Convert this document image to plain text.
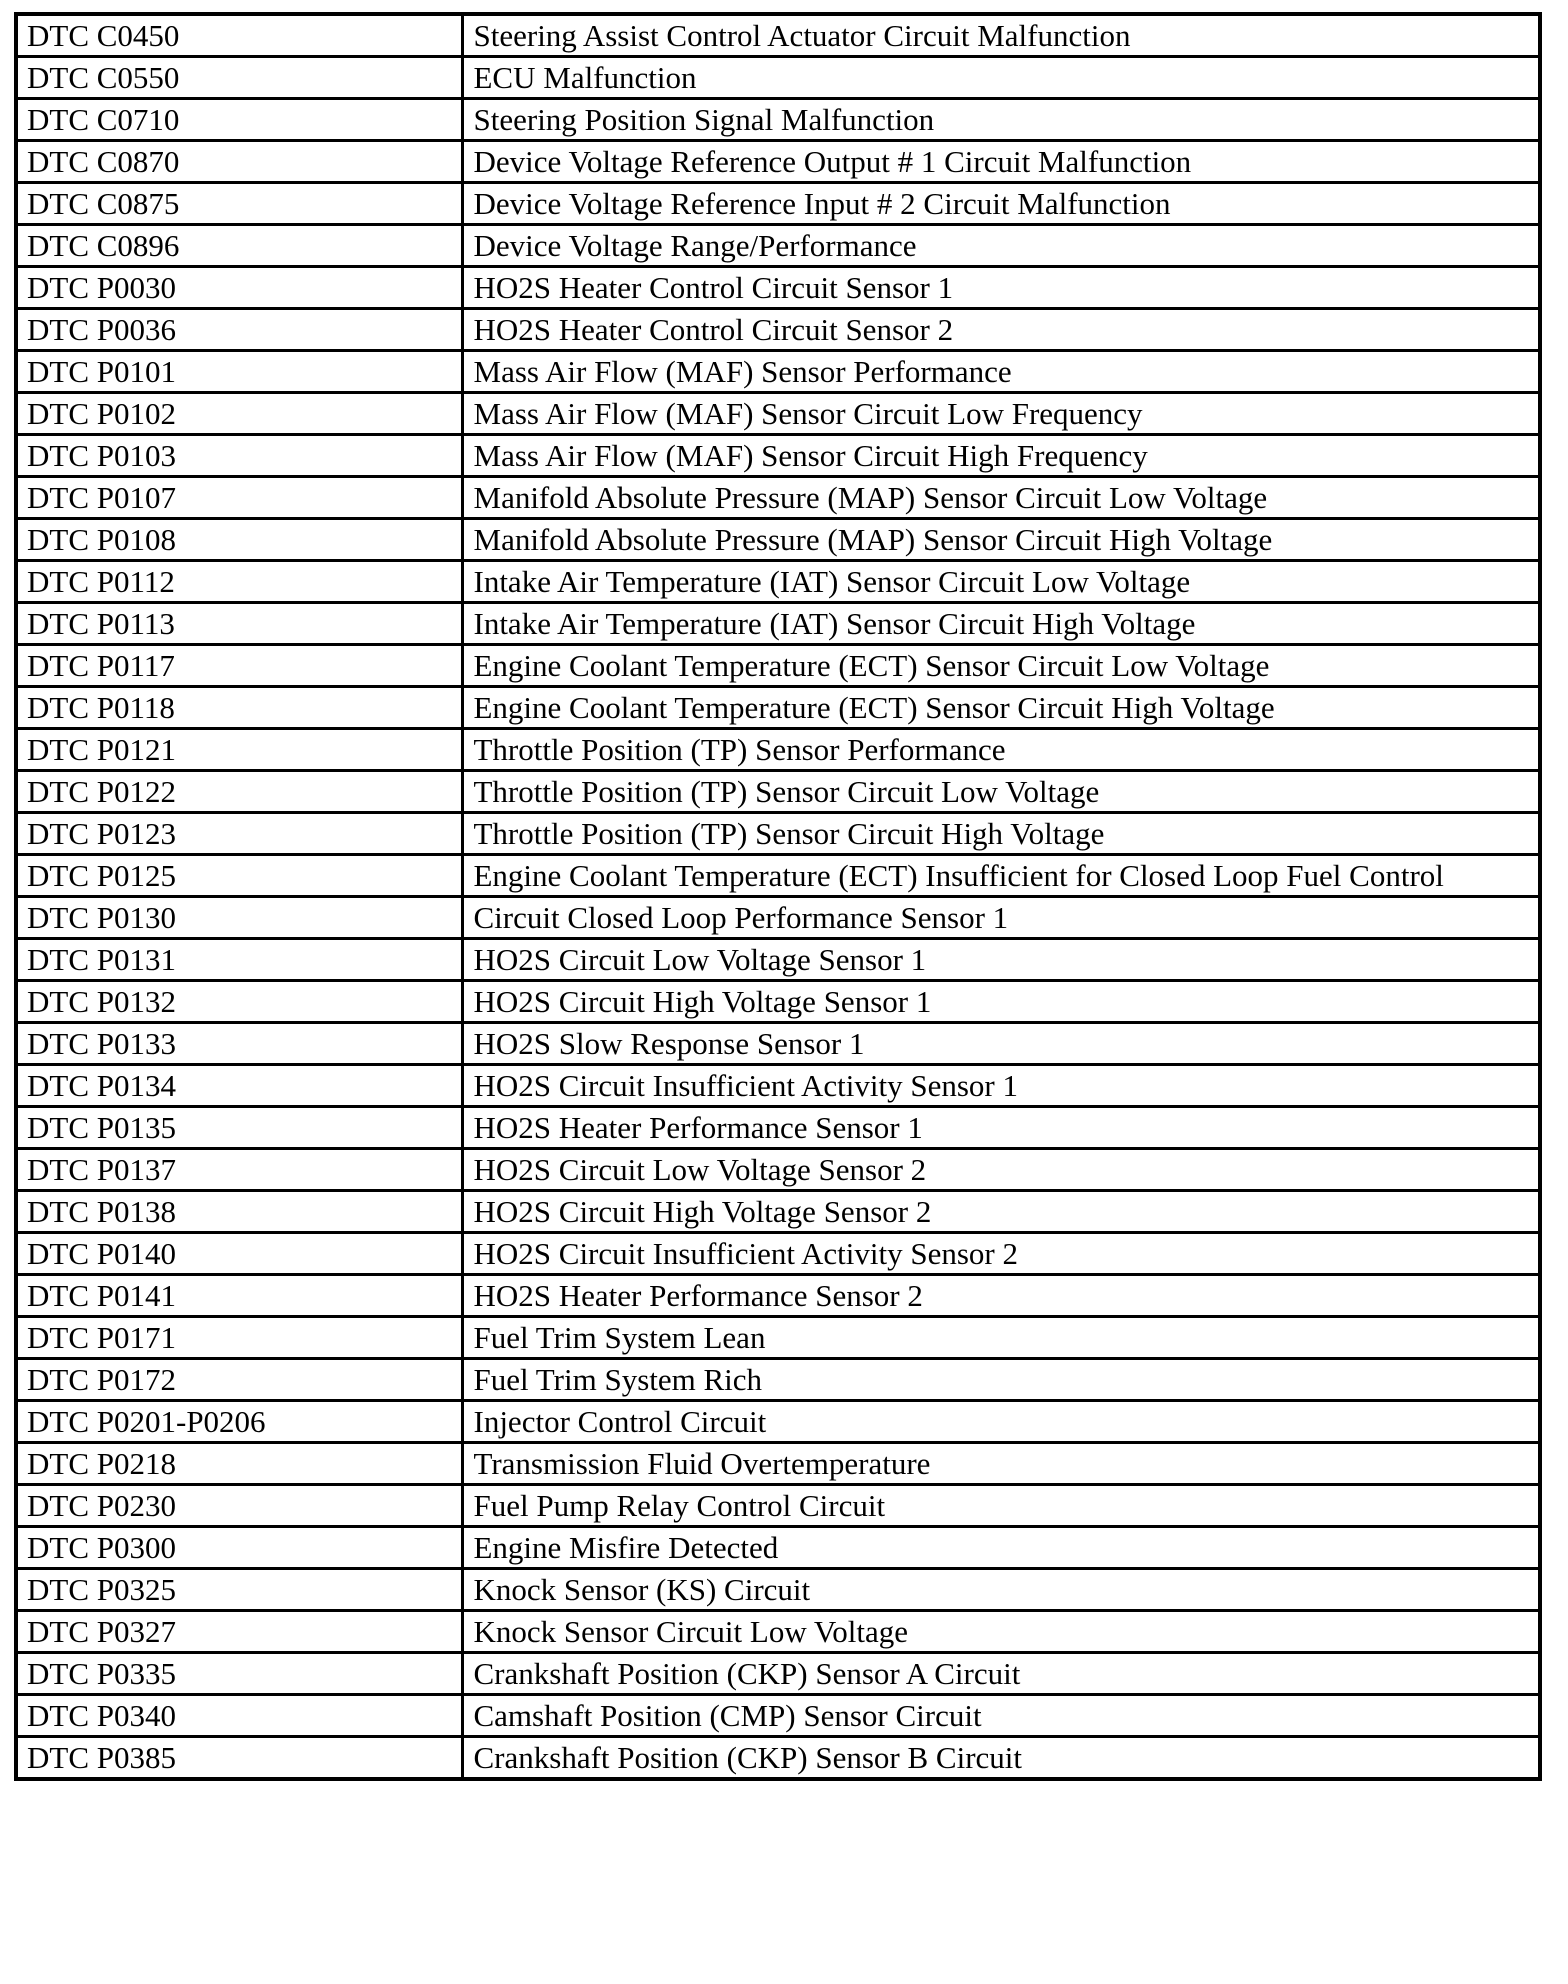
DTC C0450	Steering Assist Control Actuator Circuit Malfunction
DTC C0550	ECU Malfunction
DTC C0710	Steering Position Signal Malfunction
DTC C0870	Device Voltage Reference Output # 1 Circuit Malfunction
DTC C0875	Device Voltage Reference Input # 2 Circuit Malfunction
DTC C0896	Device Voltage Range/Performance
DTC P0030	HO2S Heater Control Circuit Sensor 1
DTC P0036	HO2S Heater Control Circuit Sensor 2
DTC P0101	Mass Air Flow (MAF) Sensor Performance
DTC P0102	Mass Air Flow (MAF) Sensor Circuit Low Frequency
DTC P0103	Mass Air Flow (MAF) Sensor Circuit High Frequency
DTC P0107	Manifold Absolute Pressure (MAP) Sensor Circuit Low Voltage
DTC P0108	Manifold Absolute Pressure (MAP) Sensor Circuit High Voltage
DTC P0112	Intake Air Temperature (IAT) Sensor Circuit Low Voltage
DTC P0113	Intake Air Temperature (IAT) Sensor Circuit High Voltage
DTC P0117	Engine Coolant Temperature (ECT) Sensor Circuit Low Voltage
DTC P0118	Engine Coolant Temperature (ECT) Sensor Circuit High Voltage
DTC P0121	Throttle Position (TP) Sensor Performance
DTC P0122	Throttle Position (TP) Sensor Circuit Low Voltage
DTC P0123	Throttle Position (TP) Sensor Circuit High Voltage
DTC P0125	Engine Coolant Temperature (ECT) Insufficient for Closed Loop Fuel Control
DTC P0130	Circuit Closed Loop Performance Sensor 1
DTC P0131	HO2S Circuit Low Voltage Sensor 1
DTC P0132	HO2S Circuit High Voltage Sensor 1
DTC P0133	HO2S Slow Response Sensor 1
DTC P0134	HO2S Circuit Insufficient Activity Sensor 1
DTC P0135	HO2S Heater Performance Sensor 1
DTC P0137	HO2S Circuit Low Voltage Sensor 2
DTC P0138	HO2S Circuit High Voltage Sensor 2
DTC P0140	HO2S Circuit Insufficient Activity Sensor 2
DTC P0141	HO2S Heater Performance Sensor 2
DTC P0171	Fuel Trim System Lean
DTC P0172	Fuel Trim System Rich
DTC P0201-P0206	Injector Control Circuit
DTC P0218	Transmission Fluid Overtemperature
DTC P0230	Fuel Pump Relay Control Circuit
DTC P0300	Engine Misfire Detected
DTC P0325	Knock Sensor (KS) Circuit
DTC P0327	Knock Sensor Circuit Low Voltage
DTC P0335	Crankshaft Position (CKP) Sensor A Circuit
DTC P0340	Camshaft Position (CMP) Sensor Circuit
DTC P0385	Crankshaft Position (CKP) Sensor B Circuit
